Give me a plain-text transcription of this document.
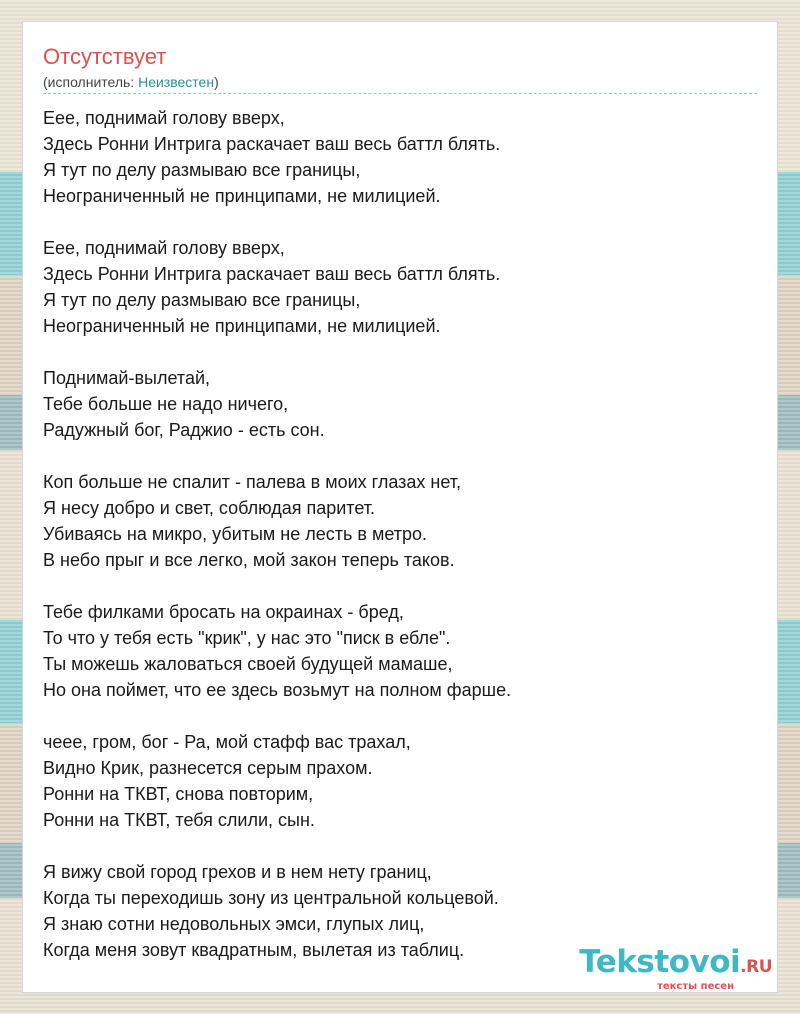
Отсутствует
(исполнитель: Неизвестен)

Еее, поднимай голову вверх,
Здесь Ронни Интрига раскачает ваш весь баттл блять.
Я тут по делу размываю все границы,
Неограниченный не принципами, не милицией.

Еее, поднимай голову вверх,
Здесь Ронни Интрига раскачает ваш весь баттл блять.
Я тут по делу размываю все границы,
Неограниченный не принципами, не милицией.

Поднимай-вылетай,
Тебе больше не надо ничего,
Радужный бог, Раджио - есть сон.

Коп больше не спалит - палева в моих глазах нет,
Я несу добро и свет, соблюдая паритет.
Убиваясь на микро, убитым не лесть в метро.
В небо прыг и все легко, мой закон теперь таков.

Тебе филками бросать на окраинах - бред,
То что у тебя есть "крик", у нас это "писк в ебле".
Ты можешь жаловаться своей будущей мамаше,
Но она поймет, что ее здесь возьмут на полном фарше.

чеее, гром, бог - Ра, мой стафф вас трахал,
Видно Крик, разнесется серым прахом.
Ронни на ТКВТ, снова повторим,
Ронни на ТКВТ, тебя слили, сын.

Я вижу свой город грехов и в нем нету границ,
Когда ты переходишь зону из центральной кольцевой.
Я знаю сотни недовольных эмси, глупых лиц,
Когда меня зовут квадратным, вылетая из таблиц.	Tekstovoi.RU
тексты песен
